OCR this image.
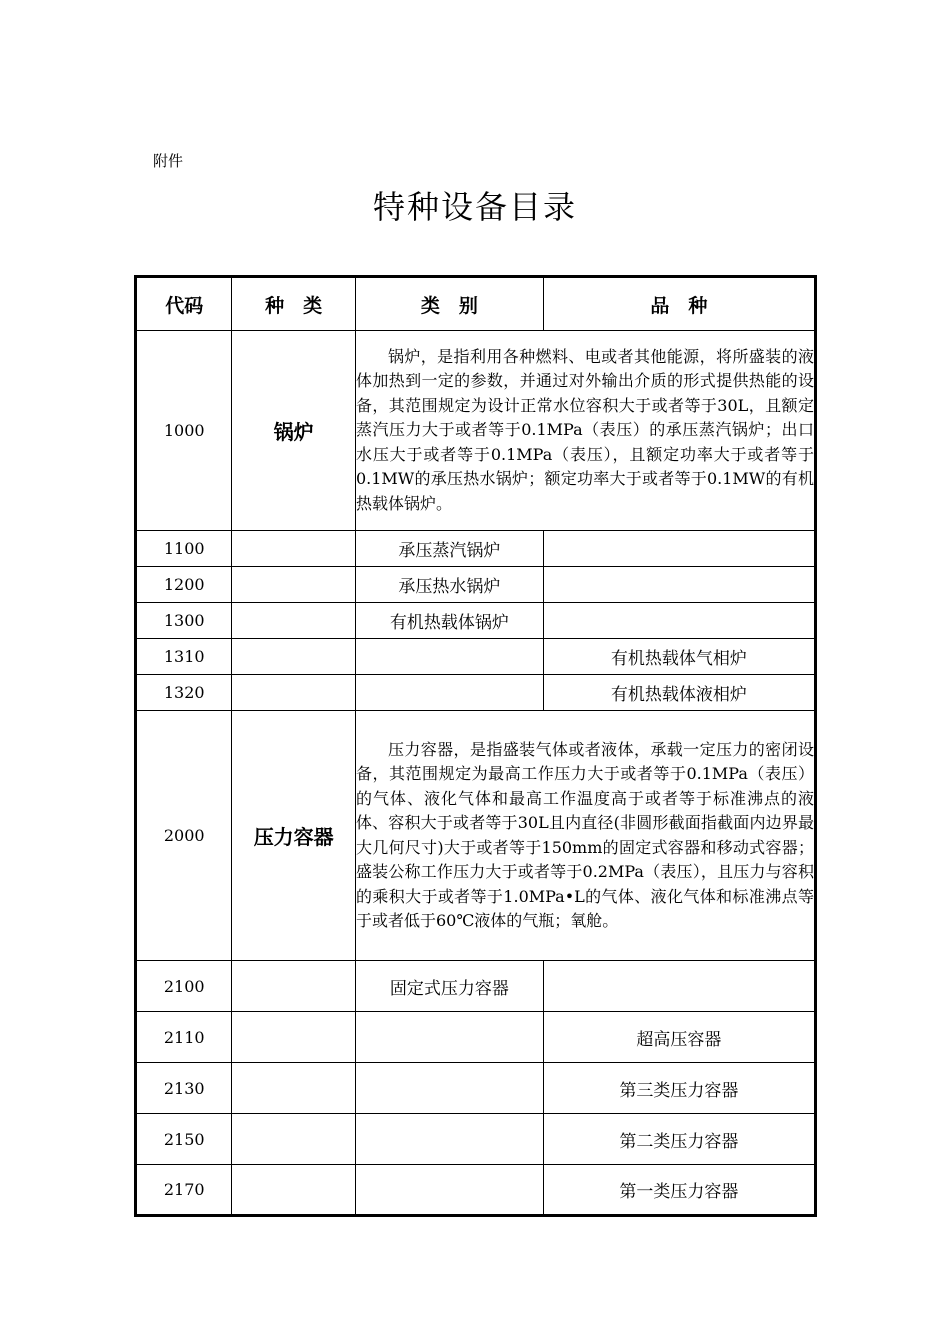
附件
特种设备目录
代码	种　类	类　别	品　种
1000	锅炉	锅炉，是指利用各种燃料、电或者其他能源，将所盛装的液体加热到一定的参数，并通过对外输出介质的形式提供热能的设备，其范围规定为设计正常水位容积大于或者等于30L，且额定蒸汽压力大于或者等于0.1MPa（表压）的承压蒸汽锅炉；出口水压大于或者等于0.1MPa（表压），且额定功率大于或者等于0.1MW的承压热水锅炉；额定功率大于或者等于0.1MW的有机热载体锅炉。	
1100		承压蒸汽锅炉	
1200		承压热水锅炉	
1300		有机热载体锅炉	
1310			有机热载体气相炉
1320			有机热载体液相炉
2000	压力容器	压力容器，是指盛装气体或者液体，承载一定压力的密闭设备，其范围规定为最高工作压力大于或者等于0.1MPa（表压）的气体、液化气体和最高工作温度高于或者等于标准沸点的液体、容积大于或者等于30L且内直径(非圆形截面指截面内边界最大几何尺寸)大于或者等于150mm的固定式容器和移动式容器；盛装公称工作压力大于或者等于0.2MPa（表压），且压力与容积的乘积大于或者等于1.0MPa•L的气体、液化气体和标准沸点等于或者低于60℃液体的气瓶；氧舱。	
2100		固定式压力容器	
2110			超高压容器
2130			第三类压力容器
2150			第二类压力容器
2170			第一类压力容器
